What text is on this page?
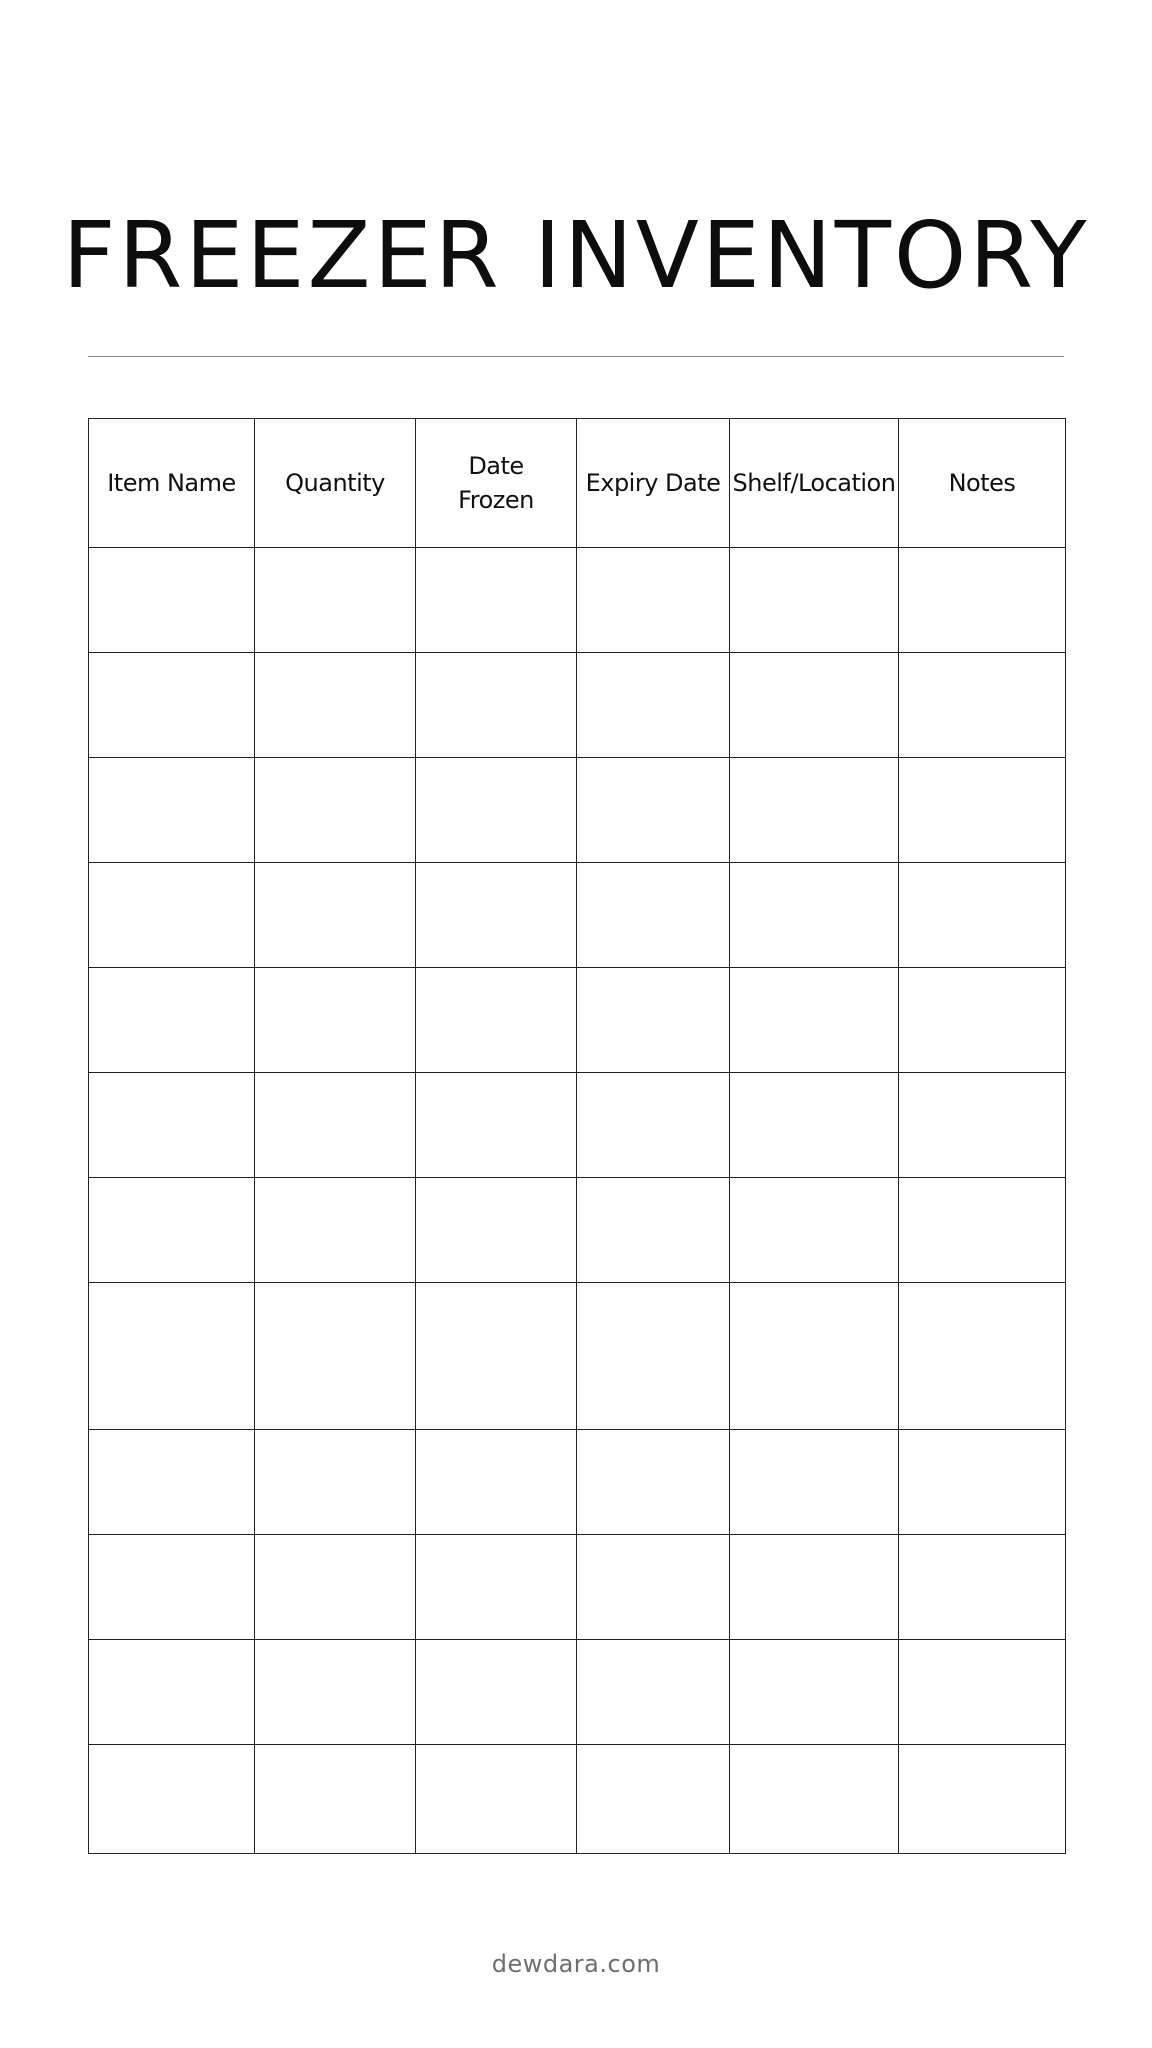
FREEZER INVENTORY
Item Name	Quantity	Date Frozen	Expiry Date	Shelf/Location	Notes

dewdara.com
